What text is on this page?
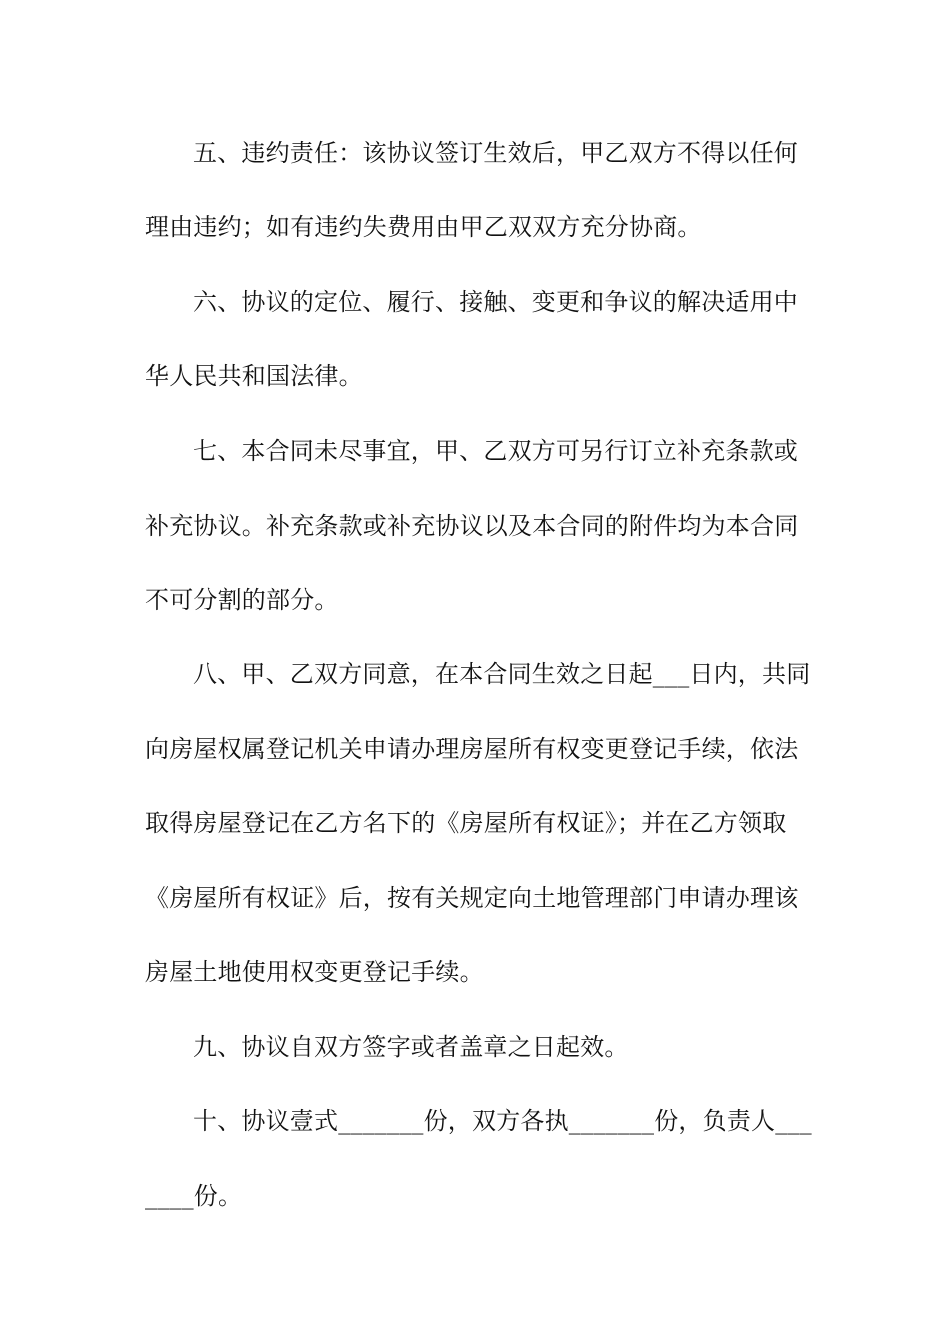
五、违约责任：该协议签订生效后，甲乙双方不得以任何
理由违约；如有违约失费用由甲乙双双方充分协商。
六、协议的定位、履行、接触、变更和争议的解决适用中
华人民共和国法律。
七、本合同未尽事宜，甲、乙双方可另行订立补充条款或
补充协议。补充条款或补充协议以及本合同的附件均为本合同
不可分割的部分。
八、甲、乙双方同意，在本合同生效之日起___日内，共同
向房屋权属登记机关申请办理房屋所有权变更登记手续，依法
取得房屋登记在乙方名下的《房屋所有权证》；并在乙方领取
《房屋所有权证》后，按有关规定向土地管理部门申请办理该
房屋土地使用权变更登记手续。
九、协议自双方签字或者盖章之日起效。
十、协议壹式_______份，双方各执_______份，负责人___
____份。
